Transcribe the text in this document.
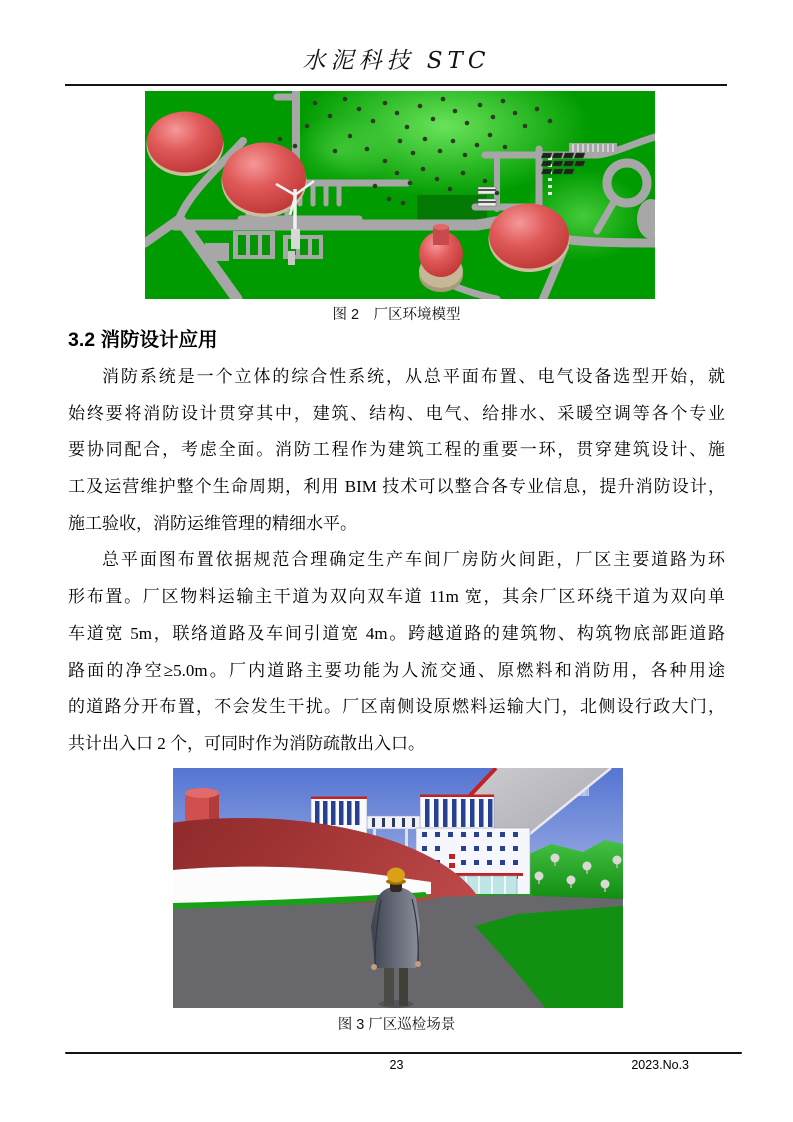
水泥科技 STC
图 2　厂区环境模型
3.2 消防设计应用
消防系统是一个立体的综合性系统，从总平面布置、电气设备选型开始，就
始终要将消防设计贯穿其中，建筑、结构、电气、给排水、采暖空调等各个专业
要协同配合，考虑全面。消防工程作为建筑工程的重要一环，贯穿建筑设计、施
工及运营维护整个生命周期，利用 BIM 技术可以整合各专业信息，提升消防设计，
施工验收，消防运维管理的精细水平。
总平面图布置依据规范合理确定生产车间厂房防火间距，厂区主要道路为环
形布置。厂区物料运输主干道为双向双车道 11m 宽，其余厂区环绕干道为双向单
车道宽 5m，联络道路及车间引道宽 4m。跨越道路的建筑物、构筑物底部距道路
路面的净空≥5.0m。厂内道路主要功能为人流交通、原燃料和消防用，各种用途
的道路分开布置，不会发生干扰。厂区南侧设原燃料运输大门，北侧设行政大门，
共计出入口 2 个，可同时作为消防疏散出入口。
图 3 厂区巡检场景
23	2023.No.3
